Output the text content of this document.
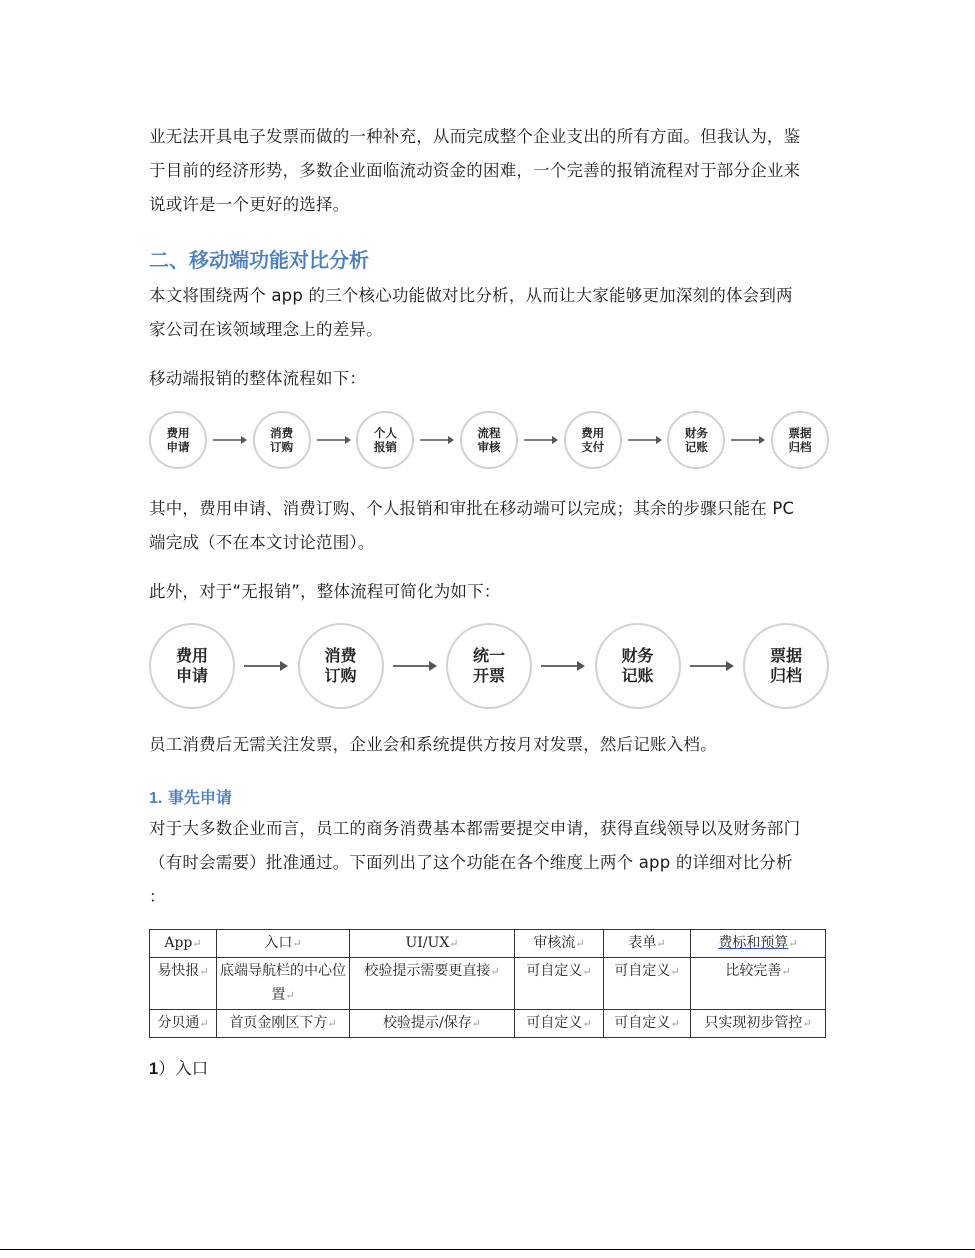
业无法开具电子发票而做的一种补充，从而完成整个企业支出的所有方面。但我认为，鉴

于目前的经济形势，多数企业面临流动资金的困难，一个完善的报销流程对于部分企业来

说或许是一个更好的选择。

二、移动端功能对比分析

本文将围绕两个 app 的三个核心功能做对比分析，从而让大家能够更加深刻的体会到两

家公司在该领域理念上的差异。

移动端报销的整体流程如下：

费用
申请
消费
订购
个人
报销
流程
审核
费用
支付
财务
记账
票据
归档

其中，费用申请、消费订购、个人报销和审批在移动端可以完成；其余的步骤只能在 PC

端完成（不在本文讨论范围）。

此外，对于“无报销”，整体流程可简化为如下：

费用
申请
消费
订购
统一
开票
财务
记账
票据
归档

员工消费后无需关注发票，企业会和系统提供方按月对发票，然后记账入档。

1. 事先申请

对于大多数企业而言，员工的商务消费基本都需要提交申请，获得直线领导以及财务部门

（有时会需要）批准通过。下面列出了这个功能在各个维度上两个 app 的详细对比分析

：

App↵	入口↵	UI/UX↵	审核流↵	表单↵	费标和预算↵
易快报↵	底端导航栏的中心位置↵	校验提示需要更直接↵	可自定义↵	可自定义↵	比较完善↵
分贝通↵	首页金刚区下方↵	校验提示/保存↵	可自定义↵	可自定义↵	只实现初步管控↵

1）入口
